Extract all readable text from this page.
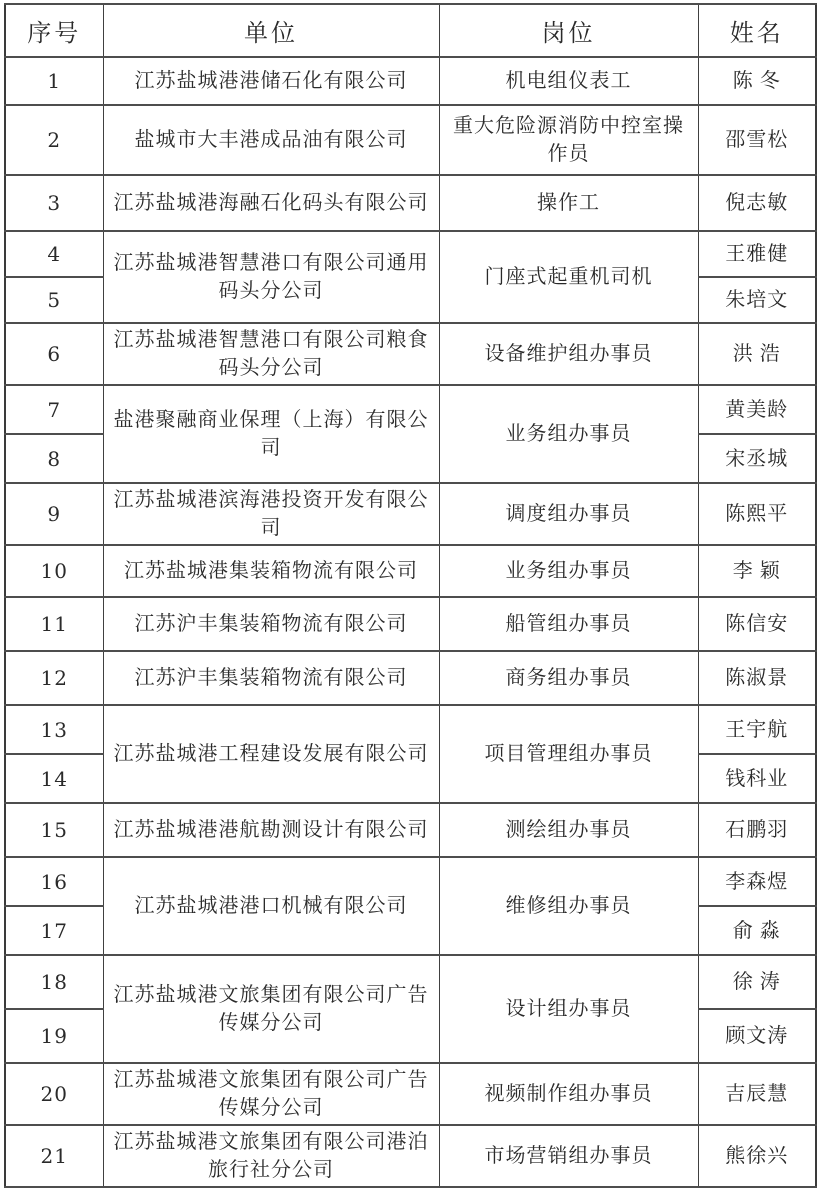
序号	单位	岗位	姓名
1	江苏盐城港港储石化有限公司	机电组仪表工	陈 冬
2	盐城市大丰港成品油有限公司	重大危险源消防中控室操作员	邵雪松
3	江苏盐城港海融石化码头有限公司	操作工	倪志敏
4	江苏盐城港智慧港口有限公司通用码头分公司	门座式起重机司机	王雅健
5			朱培文
6	江苏盐城港智慧港口有限公司粮食码头分公司	设备维护组办事员	洪 浩
7	盐港聚融商业保理（上海）有限公司	业务组办事员	黄美龄
8			宋丞城
9	江苏盐城港滨海港投资开发有限公司	调度组办事员	陈熙平
10	江苏盐城港集装箱物流有限公司	业务组办事员	李 颖
11	江苏沪丰集装箱物流有限公司	船管组办事员	陈信安
12	江苏沪丰集装箱物流有限公司	商务组办事员	陈淑景
13	江苏盐城港工程建设发展有限公司	项目管理组办事员	王宇航
14			钱科业
15	江苏盐城港港航勘测设计有限公司	测绘组办事员	石鹏羽
16	江苏盐城港港口机械有限公司	维修组办事员	李森煜
17			俞 淼
18	江苏盐城港文旅集团有限公司广告传媒分公司	设计组办事员	徐 涛
19			顾文涛
20	江苏盐城港文旅集团有限公司广告传媒分公司	视频制作组办事员	吉辰慧
21	江苏盐城港文旅集团有限公司港泊旅行社分公司	市场营销组办事员	熊徐兴
